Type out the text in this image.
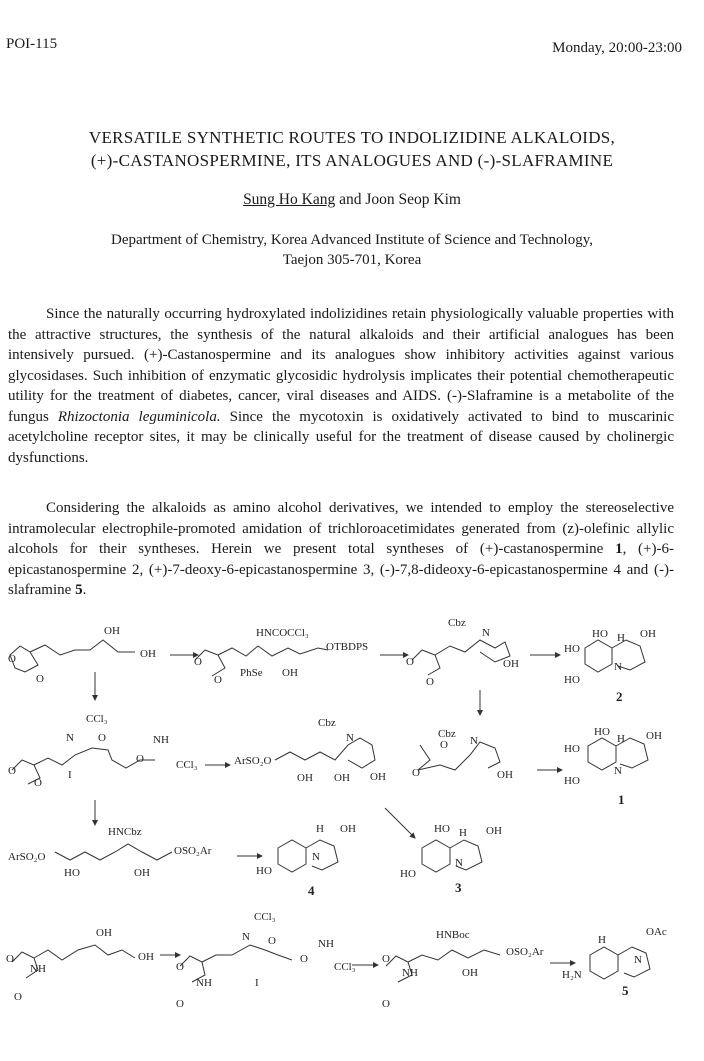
POI-115	Monday, 20:00-23:00
VERSATILE SYNTHETIC ROUTES TO INDOLIZIDINE ALKALOIDS,
(+)-CASTANOSPERMINE, ITS ANALOGUES AND (-)-SLAFRAMINE
Sung Ho Kang and Joon Seop Kim
Department of Chemistry, Korea Advanced Institute of Science and Technology,
Taejon 305-701, Korea
Since the naturally occurring hydroxylated indolizidines retain physiologically valuable properties with the attractive structures, the synthesis of the natural alkaloids and their artificial analogues has been intensively pursued. (+)-Castanospermine and its analogues show inhibitory activities against various glycosidases. Such inhibition of enzymatic glycosidic hydrolysis implicates their potential chemotherapeutic utility for the treatment of diabetes, cancer, viral diseases and AIDS. (-)-Slaframine is a metabolite of the fungus Rhizoctonia leguminicola. Since the mycotoxin is oxidatively activated to bind to muscarinic acetylcholine receptor sites, it may be clinically useful for the treatment of disease caused by cholinergic dysfunctions.
Considering the alkaloids as amino alcohol derivatives, we intended to employ the stereoselective intramolecular electrophile-promoted amidation of trichloroacetimidates generated from (z)-olefinic allylic alcohols for their syntheses. Herein we present total syntheses of (+)-castanospermine 1, (+)-6-epicastanospermine 2, (+)-7-deoxy-6-epicastanospermine 3, (-)-7,8-dideoxy-6-epicastanospermine 4 and (-)-slaframine 5.
OH
OH
O
O
HNCOCCl₃
OTBDPS
PhSe OH
O
O
Cbz
N
OH
O
O
HO H OH
HO
N
HO
CCl₃
N O	NH
CCl₃
O
I
O
O
ArSO₂O
Cbz
N
OH OH OH
Cbz
N
OH
O
O
HO
H OH
HO
N
HO
HNCbz
ArSO₂O	OSO₂Ar
HO	OH
H OH
HO
N
HO H OH
N
HO
OH
OH
O
NH
O
CCl₃
N O	NH
CCl₃
O
I
O
NH
O
HNBoc
OSO₂Ar
NH	OH
O
O
H
OAc
N
H₂N
2
1
4	3
5
